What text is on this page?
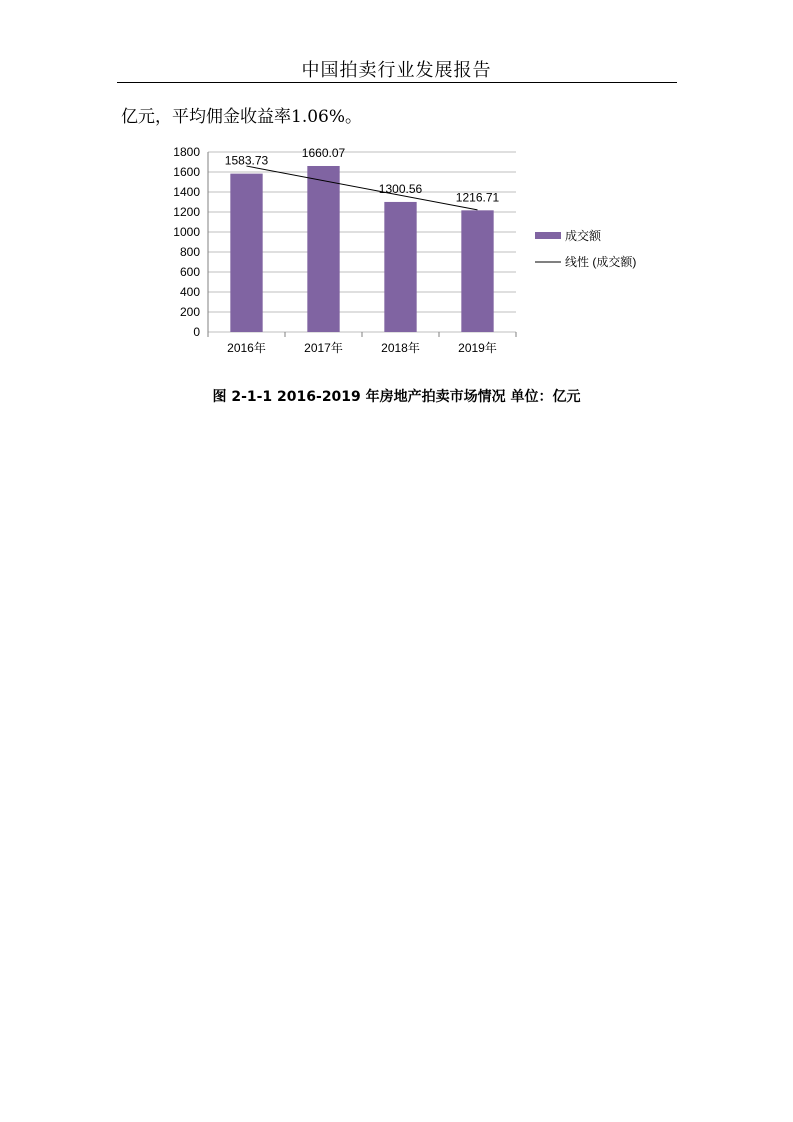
中国拍卖行业发展报告
亿元，平均佣金收益率1.06%。
0
200
400
600
800
1000
1200
1400
1600
1800
2016年	2017年	2018年	2019年
1583.73
1660.07
1300.56
1216.71
成交额
线性 (成交额)
图 2-1-1 2016-2019 年房地产拍卖市场情况 单位：亿元
